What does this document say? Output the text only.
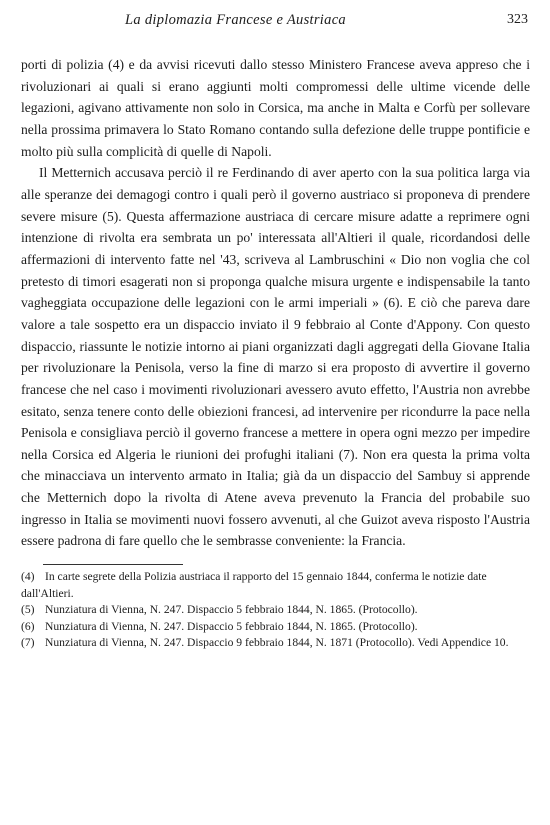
La diplomazia Francese e Austriaca	323

porti di polizia (4) e da avvisi ricevuti dallo stesso Ministero Francese aveva appreso che i rivoluzionari ai quali si erano aggiunti molti compromessi delle ultime vicende delle legazioni, agivano attivamente non solo in Corsica, ma anche in Malta e Corfù per sollevare nella prossima primavera lo Stato Romano contando sulla defezione delle truppe pontificie e molto più sulla complicità di quelle di Napoli.

Il Metternich accusava perciò il re Ferdinando di aver aperto con la sua politica larga via alle speranze dei demagogi contro i quali però il governo austriaco si proponeva di prendere severe misure (5). Questa affermazione austriaca di cercare misure adatte a reprimere ogni intenzione di rivolta era sembrata un po' interessata all'Altieri il quale, ricordandosi delle affermazioni di intervento fatte nel '43, scriveva al Lambruschini « Dio non voglia che col pretesto di timori esagerati non si proponga qualche misura urgente e indispensabile la tanto vagheggiata occupazione delle legazioni con le armi imperiali » (6). E ciò che pareva dare valore a tale sospetto era un dispaccio inviato il 9 febbraio al Conte d'Appony. Con questo dispaccio, riassunte le notizie intorno ai piani organizzati dagli aggregati della Giovane Italia per rivoluzionare la Penisola, verso la fine di marzo si era proposto di avvertire il governo francese che nel caso i movimenti rivoluzionari avessero avuto effetto, l'Austria non avrebbe esitato, senza tenere conto delle obiezioni francesi, ad intervenire per ricondurre la pace nella Penisola e consigliava perciò il governo francese a mettere in opera ogni mezzo per impedire nella Corsica ed Algeria le riunioni dei profughi italiani (7). Non era questa la prima volta che minacciava un intervento armato in Italia; già da un dispaccio del Sambuy si apprende che Metternich dopo la rivolta di Atene aveva prevenuto la Francia del probabile suo ingresso in Italia se movimenti nuovi fossero avvenuti, al che Guizot aveva risposto l'Austria essere padrona di fare quello che le sembrasse conveniente: la Francia.

(4) In carte segrete della Polizia austriaca il rapporto del 15 gennaio 1844, conferma le notizie date dall'Altieri.

(5) Nunziatura di Vienna, N. 247. Dispaccio 5 febbraio 1844, N. 1865. (Protocollo).

(6) Nunziatura di Vienna, N. 247. Dispaccio 5 febbraio 1844, N. 1865. (Protocollo).

(7) Nunziatura di Vienna, N. 247. Dispaccio 9 febbraio 1844, N. 1871 (Protocollo). Vedi Appendice 10.
